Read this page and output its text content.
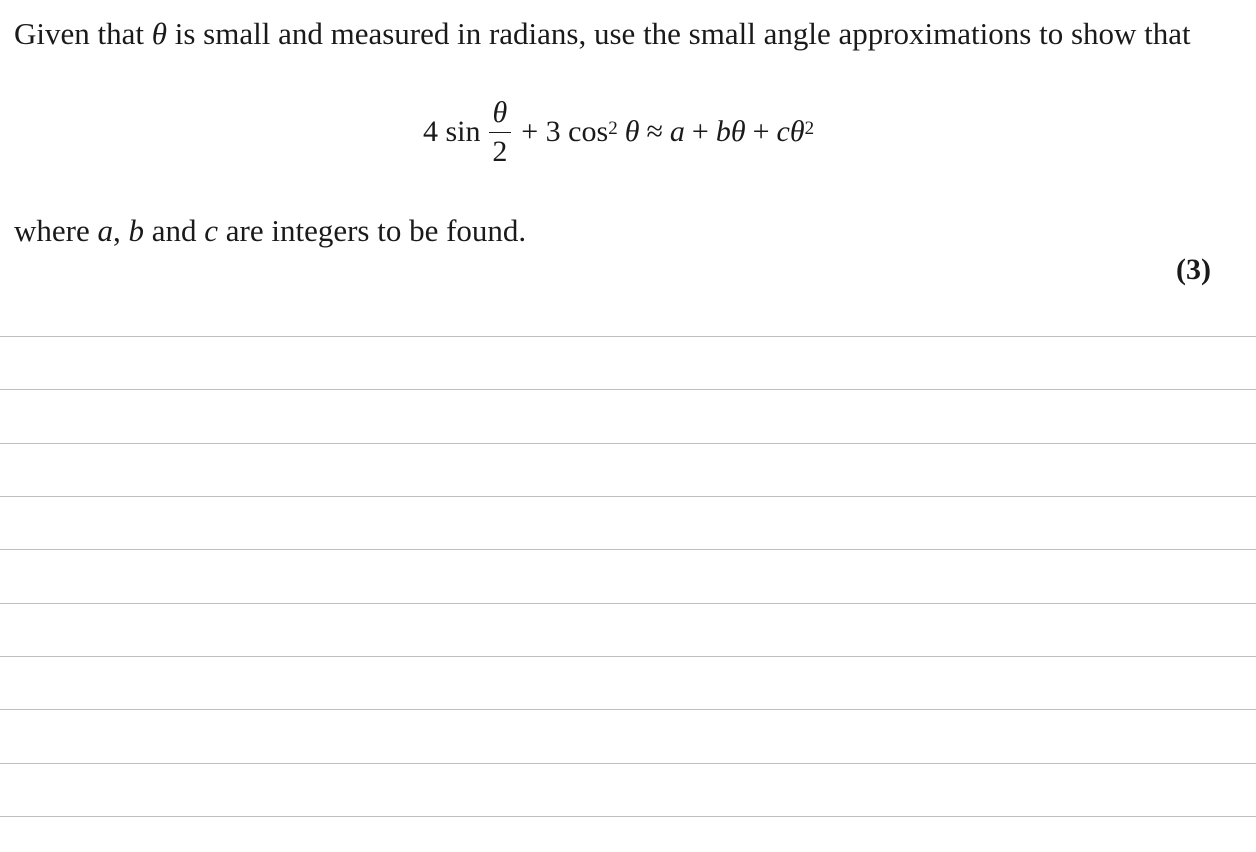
Given that θ is small and measured in radians, use the small angle approximations to show that

4 $\sin \frac{\theta}{2} + 3$ cos 2 θ ≈ a + bθ + cθ 2

where a, b and c are integers to be found.

(3)
